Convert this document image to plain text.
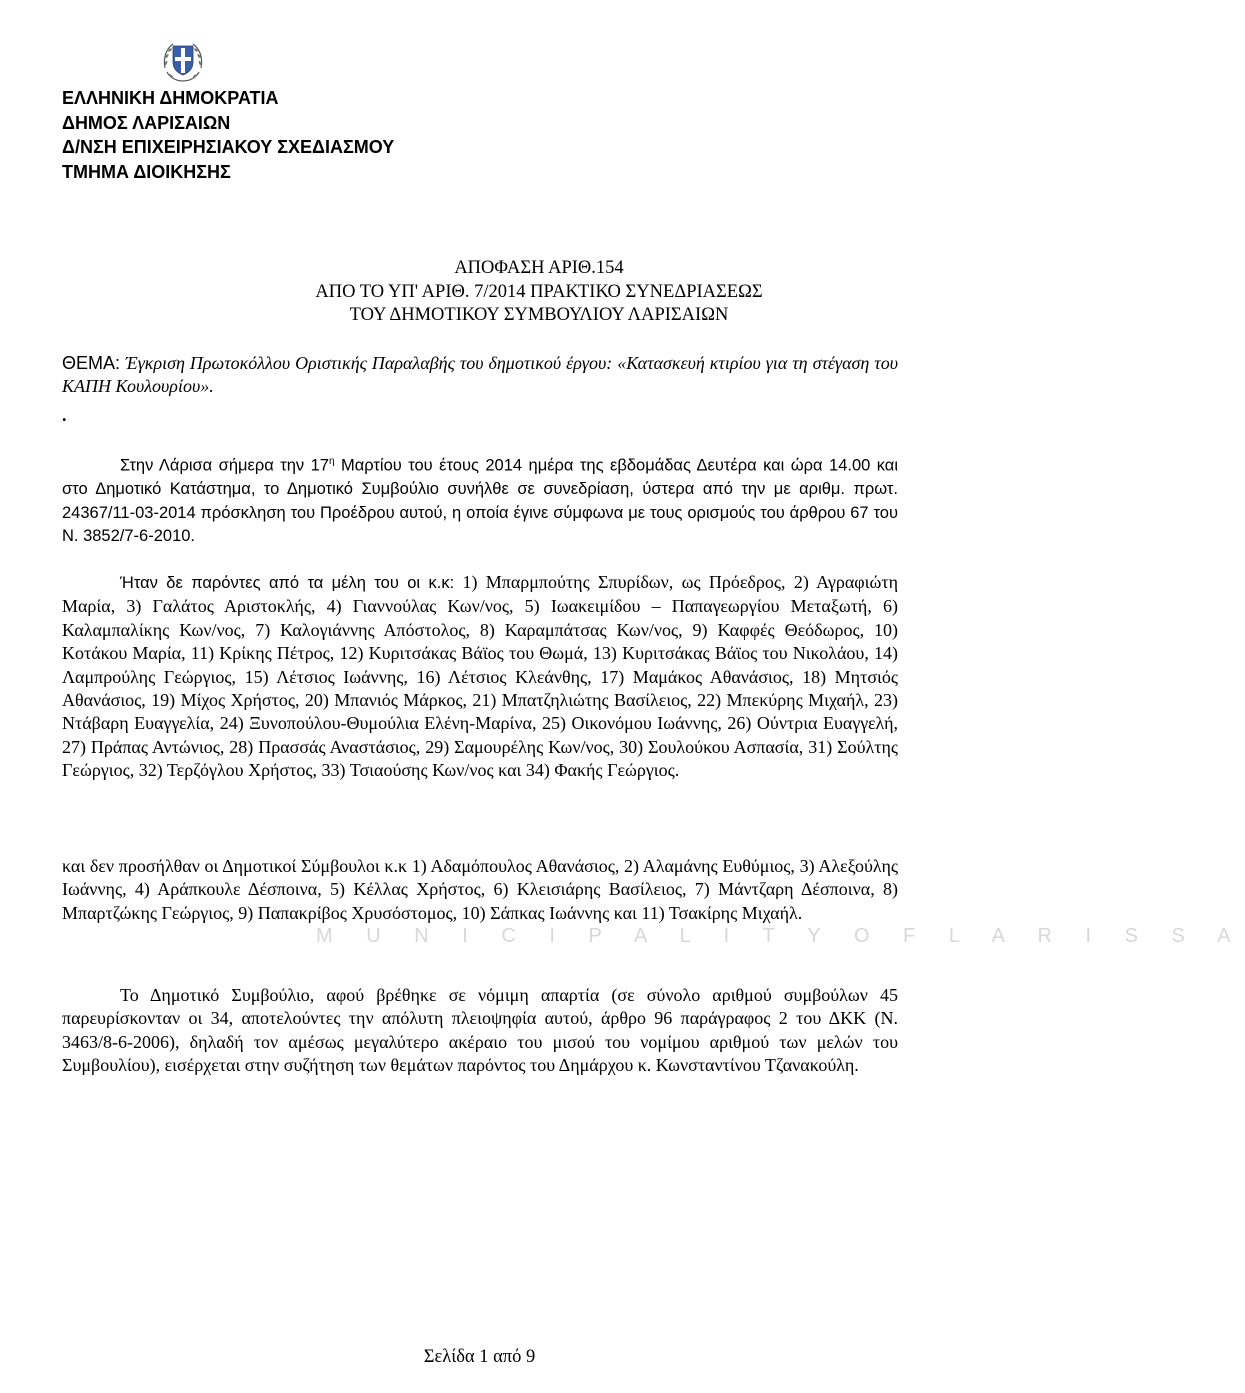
ΕΛΛΗΝΙΚΗ ΔΗΜΟΚΡΑΤΙΑ
ΔΗΜΟΣ ΛΑΡΙΣΑΙΩΝ
Δ/ΝΣΗ ΕΠΙΧΕΙΡΗΣΙΑΚΟΥ ΣΧΕΔΙΑΣΜΟΥ
ΤΜΗΜΑ ΔΙΟΙΚΗΣΗΣ
ΑΠΟΦΑΣΗ ΑΡΙΘ.154
ΑΠΟ ΤΟ ΥΠ' ΑΡΙΘ. 7/2014 ΠΡΑΚΤΙΚΟ ΣΥΝΕΔΡΙΑΣΕΩΣ
ΤΟΥ ΔΗΜΟΤΙΚΟΥ ΣΥΜΒΟΥΛΙΟΥ ΛΑΡΙΣΑΙΩΝ
ΘΕΜΑ: Έγκριση Πρωτοκόλλου Οριστικής Παραλαβής του δημοτικού έργου: «Κατασκευή κτιρίου για τη στέγαση του ΚΑΠΗ Κουλουρίου».
.
Στην Λάρισα σήμερα την $17^\eta$ Μαρτίου του έτους 2014 ημέρα της εβδομάδας Δευτέρα και ώρα 14.00 και στο Δημοτικό Κατάστημα, το Δημοτικό Συμβούλιο συνήλθε σε συνεδρίαση, ύστερα από την με αριθμ. πρωτ. 24367/11-03-2014 πρόσκληση του Προέδρου αυτού, η οποία έγινε σύμφωνα με τους ορισμούς του άρθρου 67 του Ν. 3852/7-6-2010.
Ήταν δε παρόντες από τα μέλη του οι κ.κ: 1) Μπαρμπούτης Σπυρίδων, ως Πρόεδρος, 2) Αγραφιώτη Μαρία, 3) Γαλάτος Αριστοκλής, 4) Γιαννούλας Κων/νος, 5) Ιωακειμίδου – Παπαγεωργίου Μεταξωτή, 6) Καλαμπαλίκης Κων/νος, 7) Καλογιάννης Απόστολος, 8) Καραμπάτσας Κων/νος, 9) Καφφές Θεόδωρος, 10) Κοτάκου Μαρία, 11) Κρίκης Πέτρος, 12) Κυριτσάκας Βάϊος του Θωμά, 13) Κυριτσάκας Βάϊος του Νικολάου, 14) Λαμπρούλης Γεώργιος, 15) Λέτσιος Ιωάννης, 16) Λέτσιος Κλεάνθης, 17) Μαμάκος Αθανάσιος, 18) Μητσιός Αθανάσιος, 19) Μίχος Χρήστος, 20) Μπανιός Μάρκος, 21) Μπατζηλιώτης Βασίλειος, 22) Μπεκύρης Μιχαήλ, 23) Ντάβαρη Ευαγγελία, 24) Ξυνοπούλου-Θυμούλια Ελένη-Μαρίνα, 25) Οικονόμου Ιωάννης, 26) Ούντρια Ευαγγελή, 27) Πράπας Αντώνιος, 28) Πρασσάς Αναστάσιος, 29) Σαμουρέλης Κων/νος, 30) Σουλούκου Ασπασία, 31) Σούλτης Γεώργιος, 32) Τερζόγλου Χρήστος, 33) Τσιαούσης Κων/νος και 34) Φακής Γεώργιος.
και δεν προσήλθαν οι Δημοτικοί Σύμβουλοι κ.κ 1) Αδαμόπουλος Αθανάσιος, 2) Αλαμάνης Ευθύμιος, 3) Αλεξούλης Ιωάννης, 4) Αράπκουλε Δέσποινα, 5) Κέλλας Χρήστος, 6) Κλεισιάρης Βασίλειος, 7) Μάντζαρη Δέσποινα, 8) Μπαρτζώκης Γεώργιος, 9) Παπακρίβος Χρυσόστομος, 10) Σάπκας Ιωάννης και 11) Τσακίρης Μιχαήλ.
M U N I C I P A L I T Y O F L A R I S S A
Το Δημοτικό Συμβούλιο, αφού βρέθηκε σε νόμιμη απαρτία (σε σύνολο αριθμού συμβούλων 45 παρευρίσκονταν οι 34, αποτελούντες την απόλυτη πλειοψηφία αυτού, άρθρο 96 παράγραφος 2 του ΔΚΚ (Ν. 3463/8-6-2006), δηλαδή τον αμέσως μεγαλύτερο ακέραιο του μισού του νομίμου αριθμού των μελών του Συμβουλίου), εισέρχεται στην συζήτηση των θεμάτων παρόντος του Δημάρχου κ. Κωνσταντίνου Τζανακούλη.
Σελίδα 1 από 9
